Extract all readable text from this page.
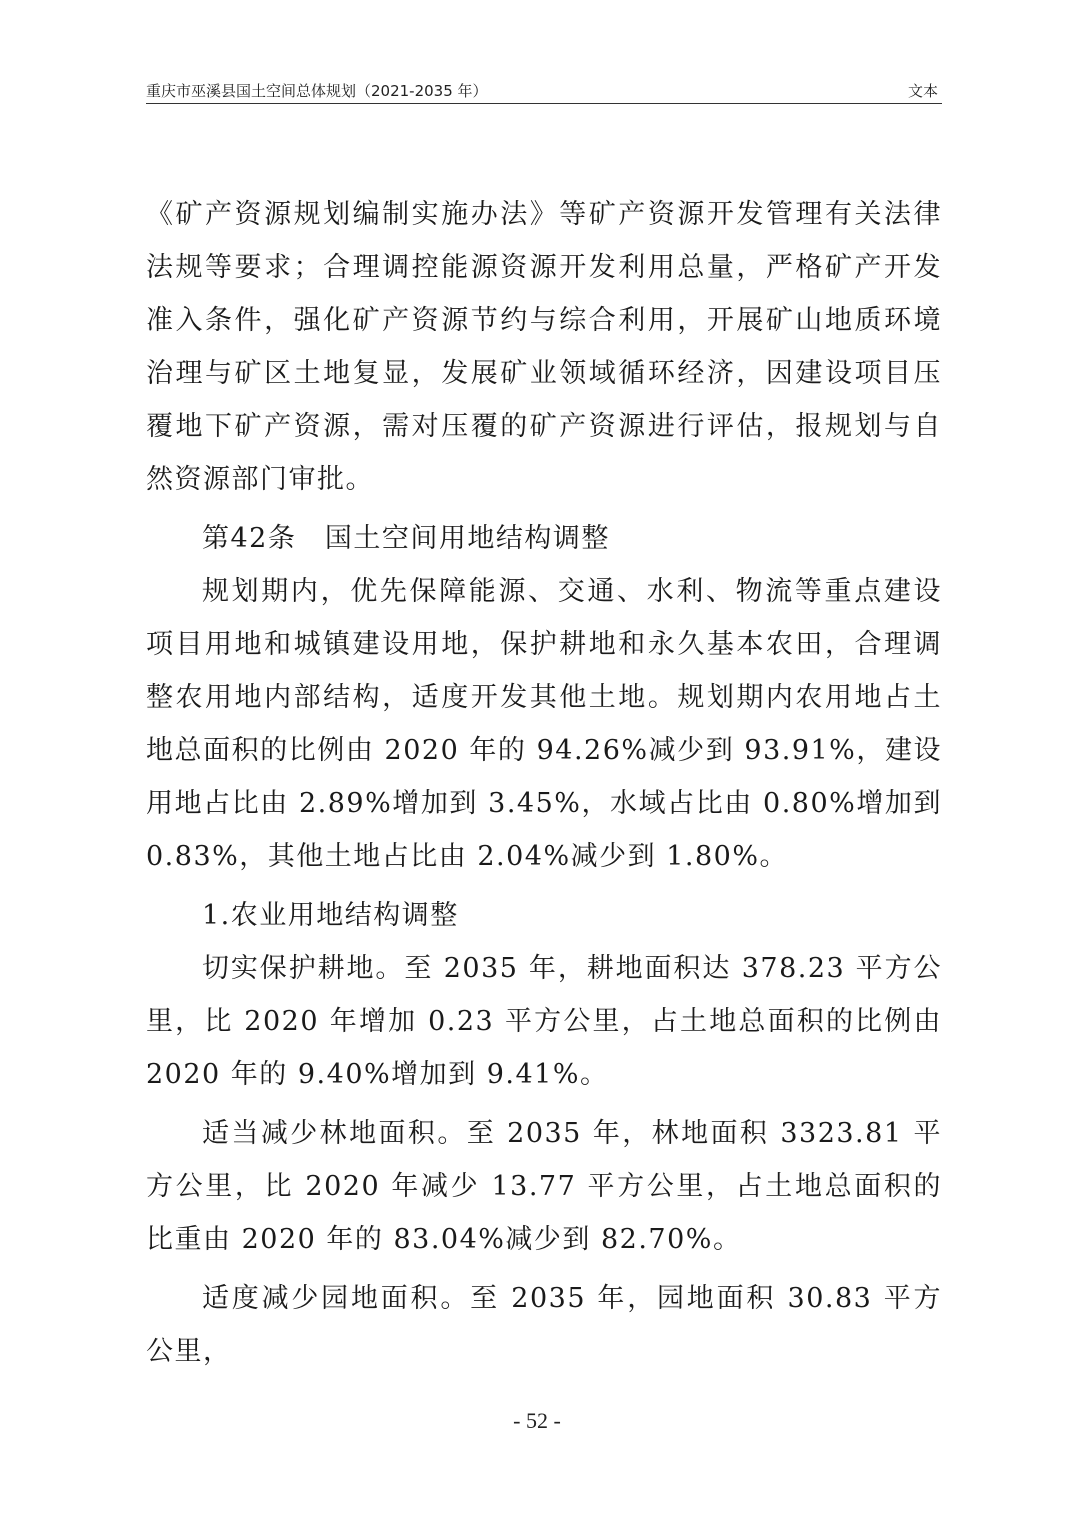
重庆市巫溪县国土空间总体规划（2021-2035 年）	文本

《矿产资源规划编制实施办法》等矿产资源开发管理有关法律法规等要求；合理调控能源资源开发利用总量，严格矿产开发准入条件，强化矿产资源节约与综合利用，开展矿山地质环境治理与矿区土地复显，发展矿业领域循环经济，因建设项目压覆地下矿产资源，需对压覆的矿产资源进行评估，报规划与自然资源部门审批。

第42条　国土空间用地结构调整

规划期内，优先保障能源、交通、水利、物流等重点建设项目用地和城镇建设用地，保护耕地和永久基本农田，合理调整农用地内部结构，适度开发其他土地。规划期内农用地占土地总面积的比例由 2020 年的 94.26%减少到 93.91%，建设用地占比由 2.89%增加到 3.45%，水域占比由 0.80%增加到 0.83%，其他土地占比由 2.04%减少到 1.80%。

1.农业用地结构调整

切实保护耕地。至 2035 年，耕地面积达 378.23 平方公里，比 2020 年增加 0.23 平方公里，占土地总面积的比例由 2020 年的 9.40%增加到 9.41%。

适当减少林地面积。至 2035 年，林地面积 3323.81 平方公里，比 2020 年减少 13.77 平方公里，占土地总面积的比重由 2020 年的 83.04%减少到 82.70%。

适度减少园地面积。至 2035 年，园地面积 30.83 平方公里，

- 52 -
